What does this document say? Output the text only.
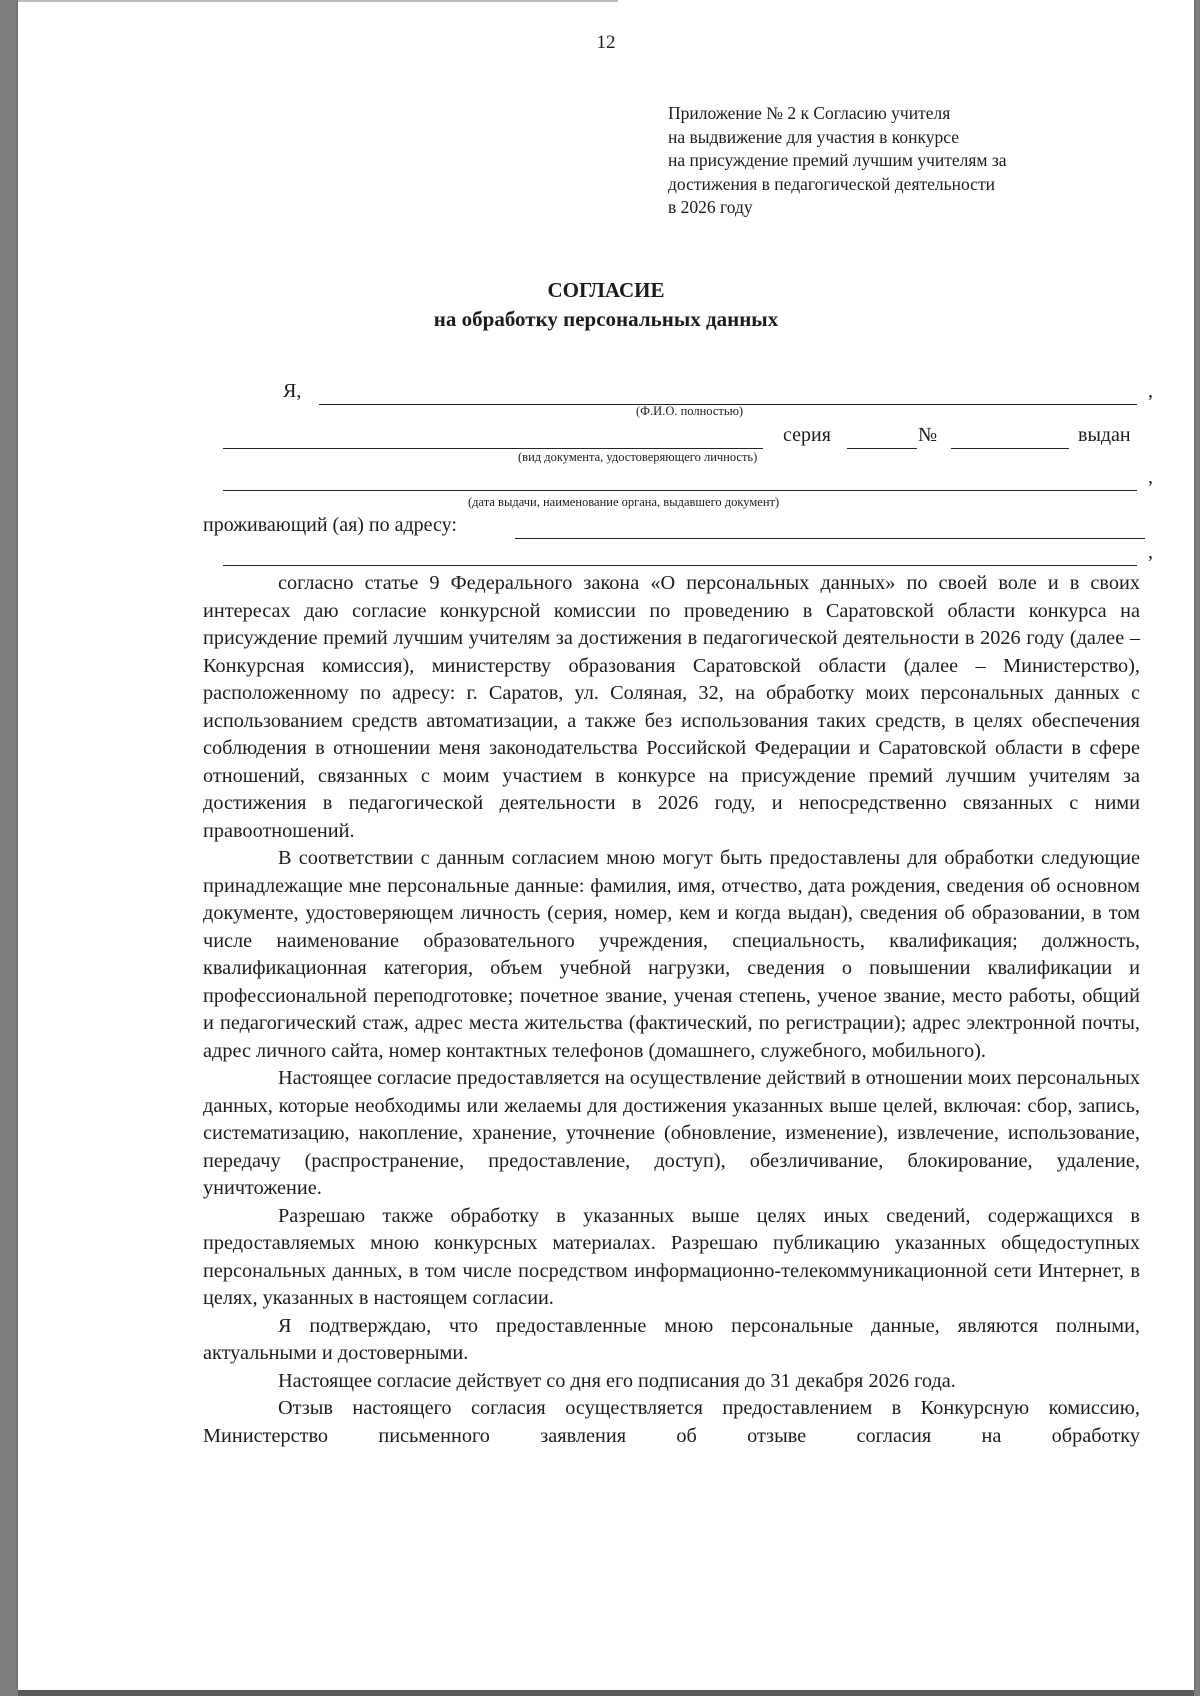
12
Приложение № 2 к Согласию учителя
на выдвижение для участия в конкурсе
на присуждение премий лучшим учителям за
достижения в педагогической деятельности
в 2026 году
СОГЛАСИЕ
на обработку персональных данных
Я,	,
(Ф.И.О. полностью)
серия	№	выдан
(вид документа, удостоверяющего личность)
,
(дата выдачи, наименование органа, выдавшего документ)
проживающий (ая) по адресу:
,

согласно статье 9 Федерального закона «О персональных данных» по своей воле и в своих интересах даю согласие конкурсной комиссии по проведению в Саратовской области конкурса на присуждение премий лучшим учителям за достижения в педагогической деятельности в 2026 году (далее – Конкурсная комиссия), министерству образования Саратовской области (далее – Министерство), расположенному по адресу: г. Саратов, ул. Соляная, 32, на обработку моих персональных данных с использованием средств автоматизации, а также без использования таких средств, в целях обеспечения соблюдения в отношении меня законодательства Российской Федерации и Саратовской области в сфере отношений, связанных с моим участием в конкурсе на присуждение премий лучшим учителям за достижения в педагогической деятельности в 2026 году, и непосредственно связанных с ними правоотношений.

В соответствии с данным согласием мною могут быть предоставлены для обработки следующие принадлежащие мне персональные данные: фамилия, имя, отчество, дата рождения, сведения об основном документе, удостоверяющем личность (серия, номер, кем и когда выдан), сведения об образовании, в том числе наименование образовательного учреждения, специальность, квалификация; должность, квалификационная категория, объем учебной нагрузки, сведения о повышении квалификации и профессиональной переподготовке; почетное звание, ученая степень, ученое звание, место работы, общий и педагогический стаж, адрес места жительства (фактический, по регистрации); адрес электронной почты, адрес личного сайта, номер контактных телефонов (домашнего, служебного, мобильного).

Настоящее согласие предоставляется на осуществление действий в отношении моих персональных данных, которые необходимы или желаемы для достижения указанных выше целей, включая: сбор, запись, систематизацию, накопление, хранение, уточнение (обновление, изменение), извлечение, использование, передачу (распространение, предоставление, доступ), обезличивание, блокирование, удаление, уничтожение.

Разрешаю также обработку в указанных выше целях иных сведений, содержащихся в предоставляемых мною конкурсных материалах. Разрешаю публикацию указанных общедоступных персональных данных, в том числе посредством информационно-телекоммуникационной сети Интернет, в целях, указанных в настоящем согласии.

Я подтверждаю, что предоставленные мною персональные данные, являются полными, актуальными и достоверными.

Настоящее согласие действует со дня его подписания до 31 декабря 2026 года.

Отзыв настоящего согласия осуществляется предоставлением в Конкурсную комиссию, Министерство письменного заявления об отзыве согласия на обработку
